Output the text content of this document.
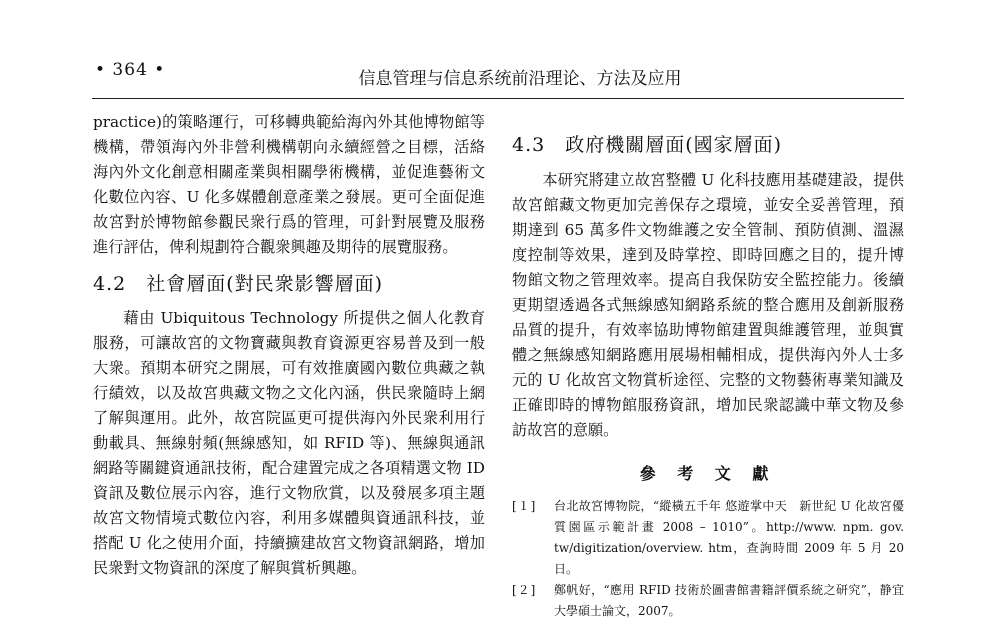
• 364 •	信息管理与信息系统前沿理论、方法及应用

practice)的策略運行，可移轉典範給海內外其他博物館等機構，帶領海內外非營利機構朝向永續經營之目標，活絡海內外文化創意相關產業與相關學術機構，並促進藝術文化數位內容、U 化多媒體創意產業之發展。更可全面促進故宮對於博物館參觀民衆行爲的管理，可針對展覽及服務進行評估，俾利規劃符合觀衆興趣及期待的展覽服務。

4.2　社會層面(對民衆影響層面)

藉由 Ubiquitous Technology 所提供之個人化教育服務，可讓故宮的文物寶藏與教育資源更容易普及到一般大衆。預期本研究之開展，可有效推廣國內數位典藏之執行績效，以及故宮典藏文物之文化內涵，供民衆隨時上網了解與運用。此外，故宮院區更可提供海內外民衆利用行動載具、無線射頻(無線感知，如 RFID 等)、無線與通訊網路等關鍵資通訊技術，配合建置完成之各項精選文物 ID 資訊及數位展示內容，進行文物欣賞，以及發展多項主題故宮文物情境式數位內容，利用多媒體與資通訊科技，並搭配 U 化之使用介面，持續擴建故宮文物資訊網路，增加民衆對文物資訊的深度了解與賞析興趣。

4.3　政府機關層面(國家層面)

本研究將建立故宮整體 U 化科技應用基礎建設，提供故宮館藏文物更加完善保存之環境，並安全妥善管理，預期達到 65 萬多件文物維護之安全管制、預防偵測、溫濕度控制等效果，達到及時掌控、即時回應之目的，提升博物館文物之管理效率。提高自我保防安全監控能力。後續更期望透過各式無線感知網路系統的整合應用及創新服務品質的提升，有效率協助博物館建置與維護管理，並與實體之無線感知網路應用展場相輔相成，提供海內外人士多元的 U 化故宮文物賞析途徑、完整的文物藝術專業知識及正確即時的博物館服務資訊，增加民衆認識中華文物及參訪故宮的意願。

參 考 文 獻
[１]	台北故宮博物院，“縱橫五千年 悠遊掌中天　新世紀 U 化故宮優質園區示範計畫 2008 – 1010”。http://www. npm. gov. tw/digitization/overview. htm，查詢時間 2009 年 5 月 20 日。
[２]	鄭帆好，“應用 RFID 技術於圖書館書籍評價系統之研究”，静宜大學碩士論文，2007。
